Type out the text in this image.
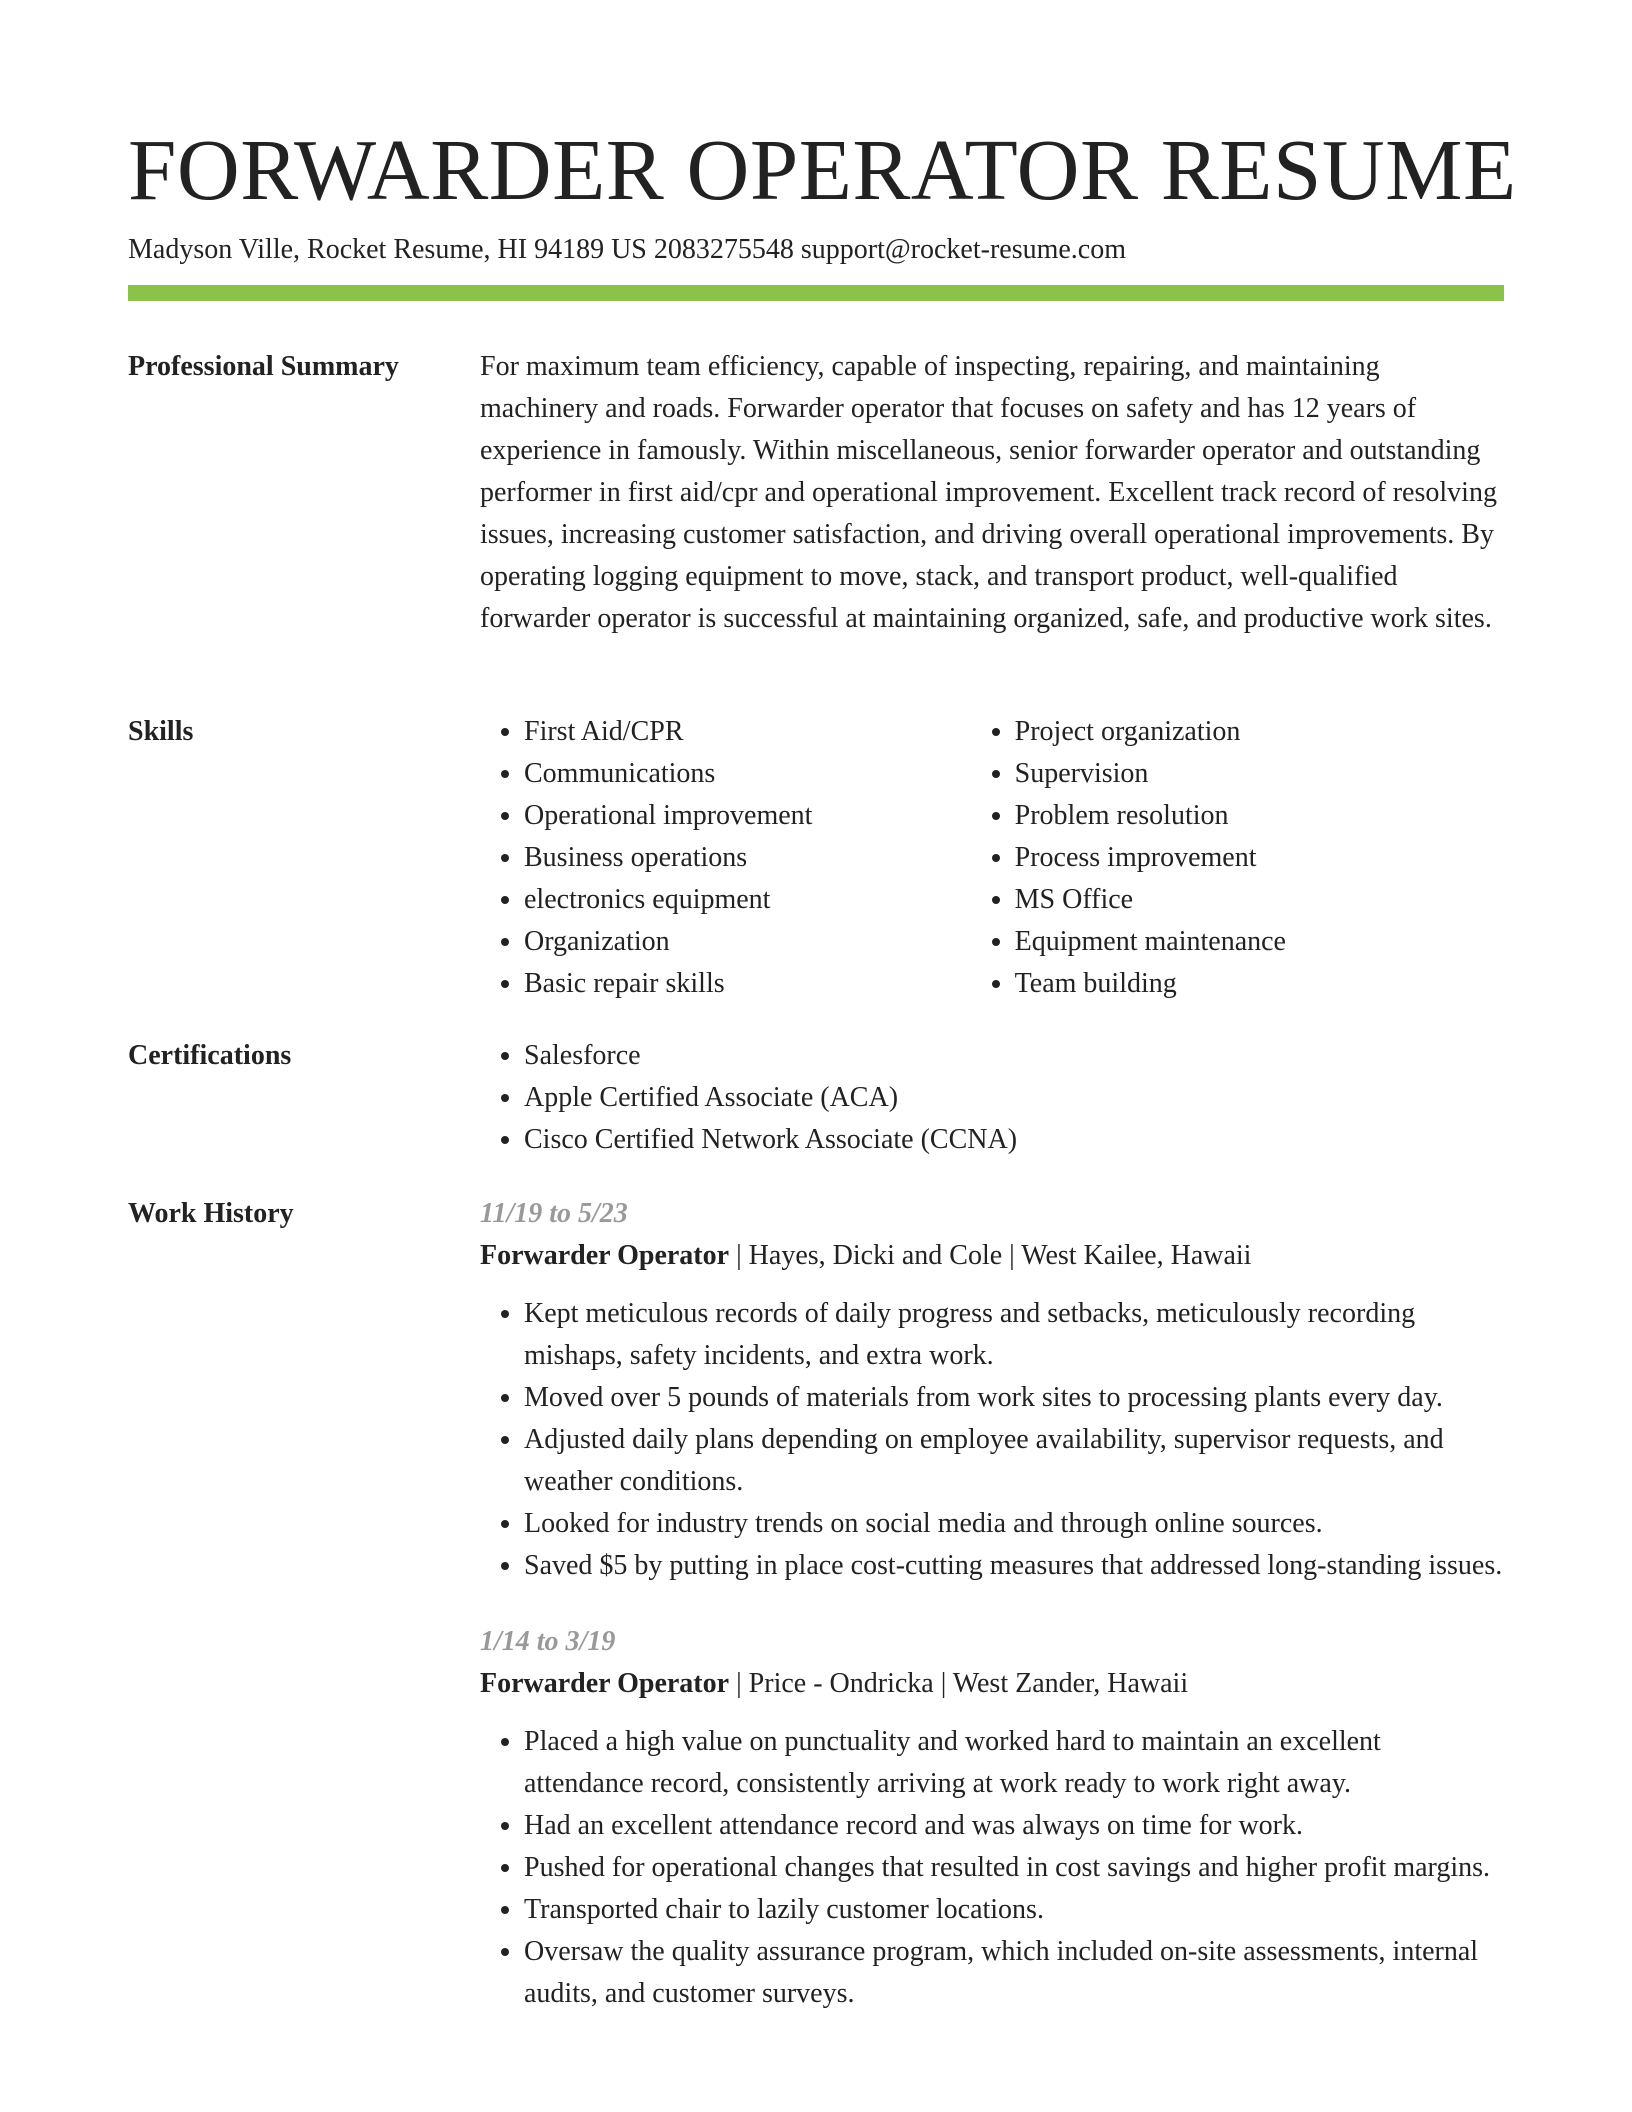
FORWARDER OPERATOR RESUME
Madyson Ville, Rocket Resume, HI 94189 US 2083275548 support@rocket-resume.com
Professional Summary	For maximum team efficiency, capable of inspecting, repairing, and maintaining machinery and roads. Forwarder operator that focuses on safety and has 12 years of experience in famously. Within miscellaneous, senior forwarder operator and outstanding performer in first aid/cpr and operational improvement. Excellent track record of resolving issues, increasing customer satisfaction, and driving overall operational improvements. By operating logging equipment to move, stack, and transport product, well-qualified forwarder operator is successful at maintaining organized, safe, and productive work sites.

Skills	• First Aid/CPR
• Communications
• Operational improvement
• Business operations
• electronics equipment
• Organization
• Basic repair skills
• Project organization
• Supervision
• Problem resolution
• Process improvement
• MS Office
• Equipment maintenance
• Team building
Certifications	• Salesforce
• Apple Certified Associate (ACA)
• Cisco Certified Network Associate (CCNA)
Work History	11/19 to 5/23
Forwarder Operator | Hayes, Dicki and Cole | West Kailee, Hawaii
• Kept meticulous records of daily progress and setbacks, meticulously recording mishaps, safety incidents, and extra work.
• Moved over 5 pounds of materials from work sites to processing plants every day.
• Adjusted daily plans depending on employee availability, supervisor requests, and weather conditions.
• Looked for industry trends on social media and through online sources.
• Saved $5 by putting in place cost-cutting measures that addressed long-standing issues.
1/14 to 3/19
Forwarder Operator | Price - Ondricka | West Zander, Hawaii
• Placed a high value on punctuality and worked hard to maintain an excellent attendance record, consistently arriving at work ready to work right away.
• Had an excellent attendance record and was always on time for work.
• Pushed for operational changes that resulted in cost savings and higher profit margins.
• Transported chair to lazily customer locations.
• Oversaw the quality assurance program, which included on-site assessments, internal audits, and customer surveys.
